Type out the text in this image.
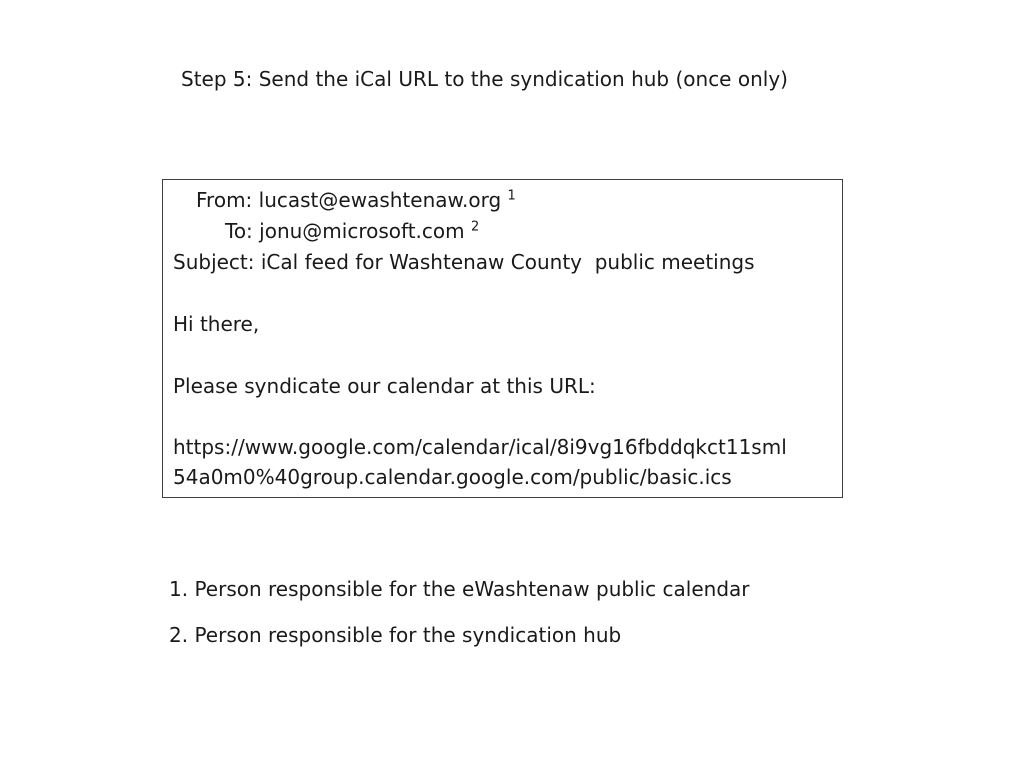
Step 5: Send the iCal URL to the syndication hub (once only)
From: lucast@ewashtenaw.org $^1$
To: jonu@microsoft.com $^2$
Subject: iCal feed for Washtenaw County  public meetings
Hi there,
Please syndicate our calendar at this URL:
https://www.google.com/calendar/ical/8i9vg16fbddqkct11sml
54a0m0%40group.calendar.google.com/public/basic.ics
1. Person responsible for the eWashtenaw public calendar
2. Person responsible for the syndication hub
